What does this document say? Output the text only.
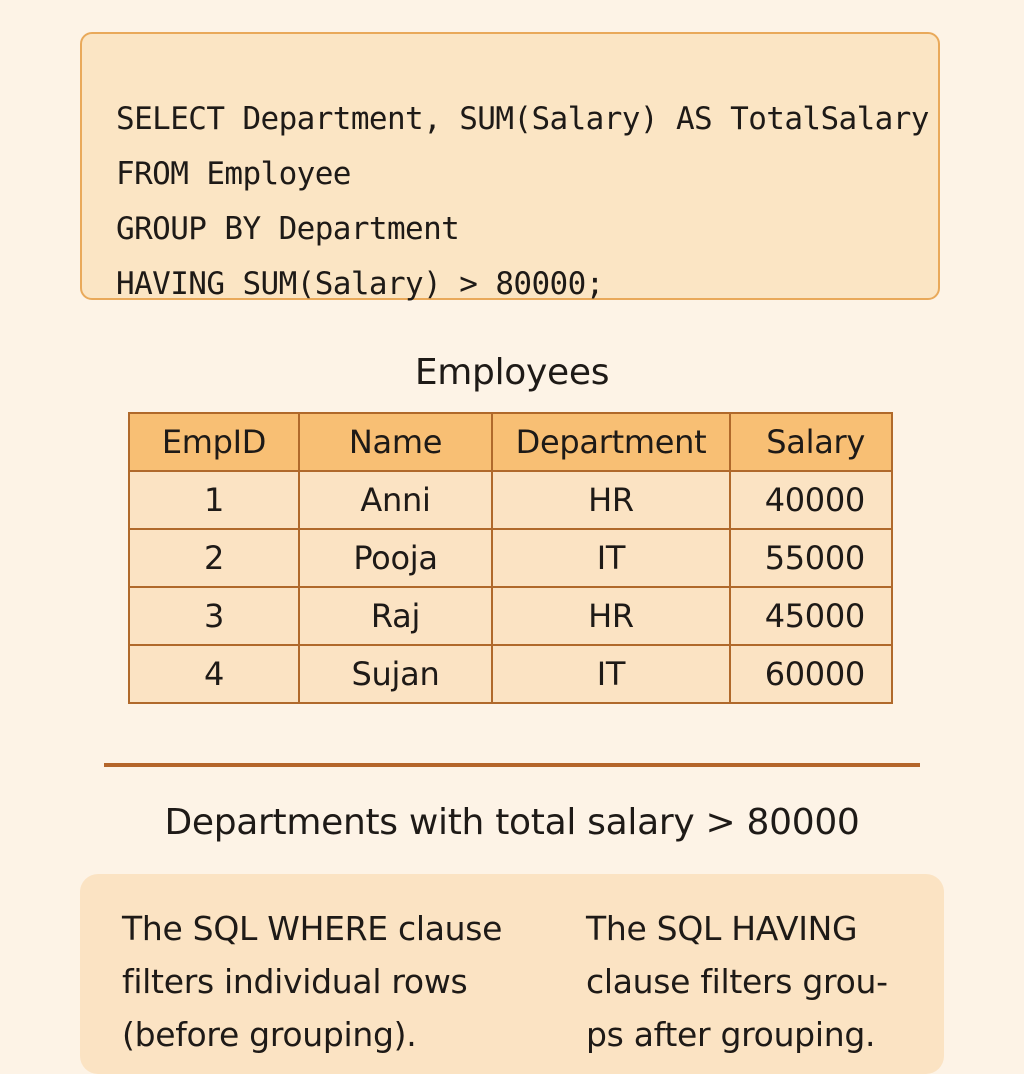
SELECT Department, SUM(Salary) AS TotalSalary
FROM Employee
GROUP BY Department
HAVING SUM(Salary) > 80000;
Employees
EmpID	Name	Department	Salary
1	Anni	HR	40000
2	Pooja	IT	55000
3	Raj	HR	45000
4	Sujan	IT	60000
Departments with total salary > 80000
The SQL WHERE clause
filters individual rows
(before grouping).
The SQL HAVING
clause filters grou-
ps after grouping.
